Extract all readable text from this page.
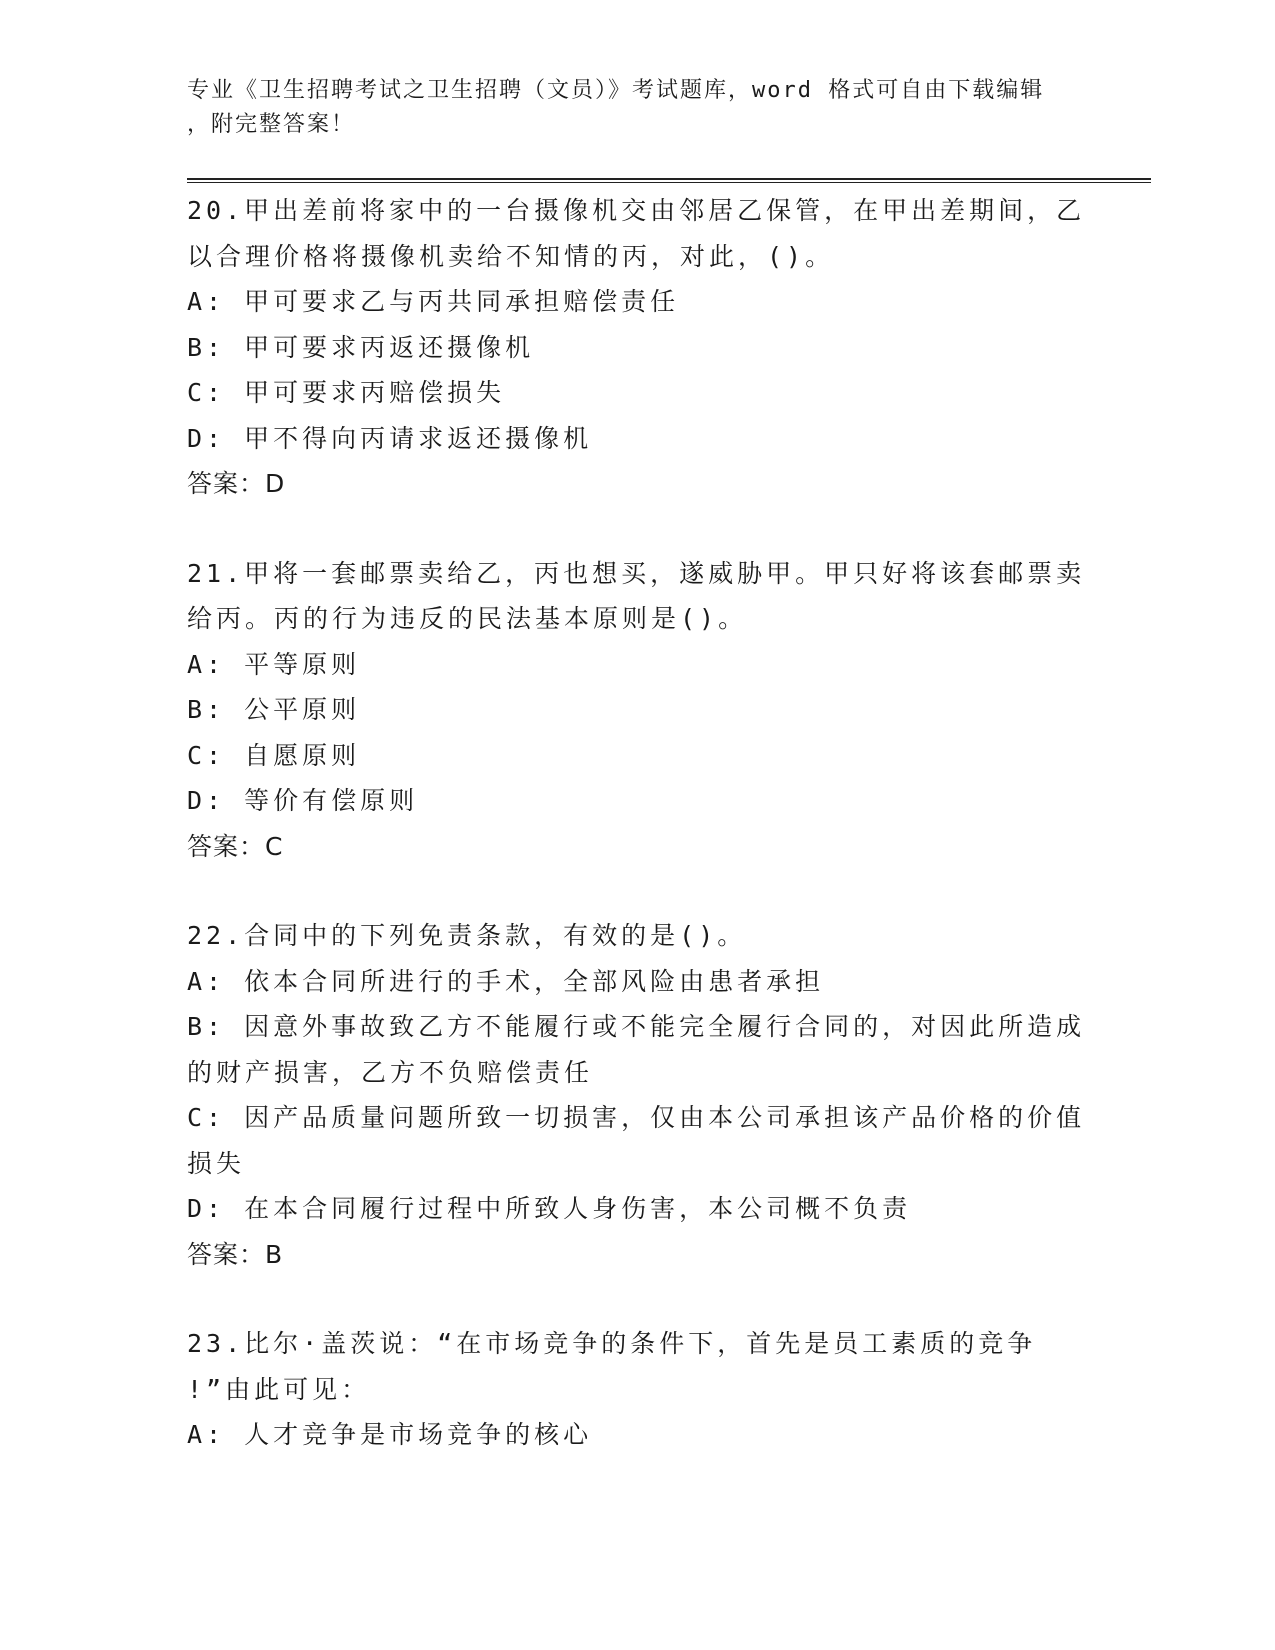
专业《卫生招聘考试之卫生招聘（文员）》考试题库，word 格式可自由下载编辑
，附完整答案！
20.甲出差前将家中的一台摄像机交由邻居乙保管，在甲出差期间，乙
以合理价格将摄像机卖给不知情的丙，对此，()。
A: 甲可要求乙与丙共同承担赔偿责任
B: 甲可要求丙返还摄像机
C: 甲可要求丙赔偿损失
D: 甲不得向丙请求返还摄像机
答案：D
21.甲将一套邮票卖给乙，丙也想买，遂威胁甲。甲只好将该套邮票卖
给丙。丙的行为违反的民法基本原则是()。
A: 平等原则
B: 公平原则
C: 自愿原则
D: 等价有偿原则
答案：C
22.合同中的下列免责条款，有效的是()。
A: 依本合同所进行的手术，全部风险由患者承担
B: 因意外事故致乙方不能履行或不能完全履行合同的，对因此所造成
的财产损害，乙方不负赔偿责任
C: 因产品质量问题所致一切损害，仅由本公司承担该产品价格的价值
损失
D: 在本合同履行过程中所致人身伤害，本公司概不负责
答案：B
23.比尔·盖茨说：“在市场竞争的条件下，首先是员工素质的竞争
!”由此可见：
A: 人才竞争是市场竞争的核心
